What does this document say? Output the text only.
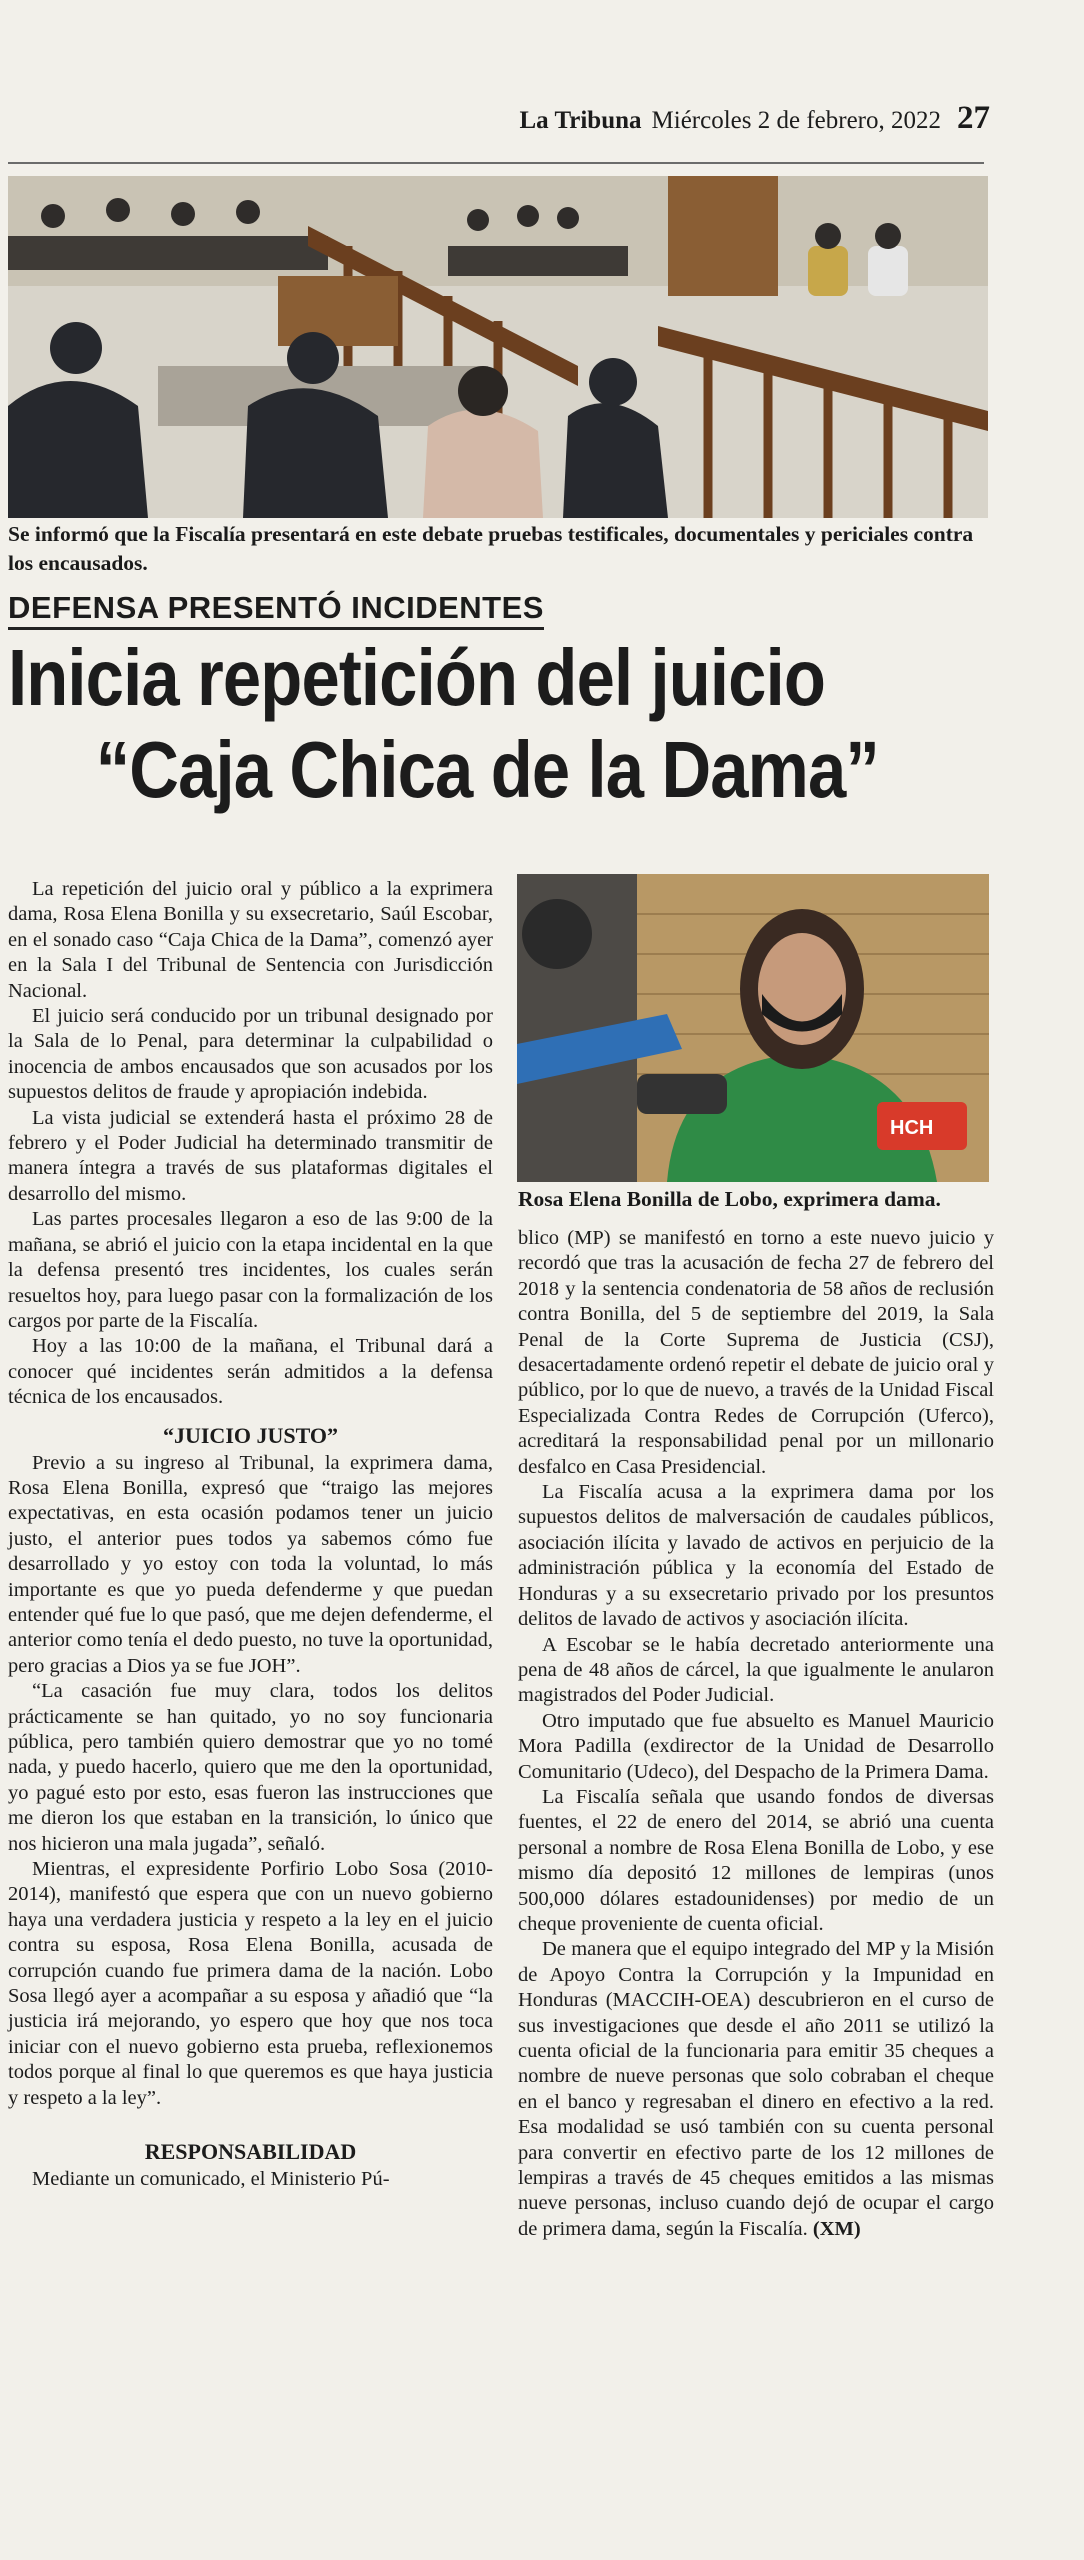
La Tribuna Miércoles 2 de febrero, 2022 27
Se informó que la Fiscalía presentará en este debate pruebas testificales, documentales y periciales contra los encausados.
DEFENSA PRESENTÓ INCIDENTES
Inicia repetición del juicio
“Caja Chica de la Dama”
HCH
Rosa Elena Bonilla de Lobo, exprimera dama.

La repetición del juicio oral y público a la exprimera dama, Rosa Elena Bonilla y su exsecretario, Saúl Escobar, en el sonado caso “Caja Chica de la Dama”, comenzó ayer en la Sala I del Tribunal de Sentencia con Jurisdicción Nacional.

El juicio será conducido por un tribunal designado por la Sala de lo Penal, para determinar la culpabilidad o inocencia de ambos encausados que son acusados por los supuestos delitos de fraude y apropiación indebida.

La vista judicial se extenderá hasta el próximo 28 de febrero y el Poder Judicial ha determinado transmitir de manera íntegra a través de sus plataformas digitales el desarrollo del mismo.

Las partes procesales llegaron a eso de las 9:00 de la mañana, se abrió el juicio con la etapa incidental en la que la defensa presentó tres incidentes, los cuales serán resueltos hoy, para luego pasar con la formalización de los cargos por parte de la Fiscalía.

Hoy a las 10:00 de la mañana, el Tribunal dará a conocer qué incidentes serán admitidos a la defensa técnica de los encausados.

“JUICIO JUSTO”

Previo a su ingreso al Tribunal, la exprimera dama, Rosa Elena Bonilla, expresó que “traigo las mejores expectativas, en esta ocasión podamos tener un juicio justo, el anterior pues todos ya sabemos cómo fue desarrollado y yo estoy con toda la voluntad, lo más importante es que yo pueda defenderme y que puedan entender qué fue lo que pasó, que me dejen defenderme, el anterior como tenía el dedo puesto, no tuve la oportunidad, pero gracias a Dios ya se fue JOH”.

“La casación fue muy clara, todos los delitos prácticamente se han quitado, yo no soy funcionaria pública, pero también quiero demostrar que yo no tomé nada, y puedo hacerlo, quiero que me den la oportunidad, yo pagué esto por esto, esas fueron las instrucciones que me dieron los que estaban en la transición, lo único que nos hicieron una mala jugada”, señaló.

Mientras, el expresidente Porfirio Lobo Sosa (2010-2014), manifestó que espera que con un nuevo gobierno haya una verdadera justicia y respeto a la ley en el juicio contra su esposa, Rosa Elena Bonilla, acusada de corrupción cuando fue primera dama de la nación. Lobo Sosa llegó ayer a acompañar a su esposa y añadió que “la justicia irá mejorando, yo espero que hoy que nos toca iniciar con el nuevo gobierno esta prueba, reflexionemos todos porque al final lo que queremos es que haya justicia y respeto a la ley”.

RESPONSABILIDAD

Mediante un comunicado, el Ministerio Pú-

blico (MP) se manifestó en torno a este nuevo juicio y recordó que tras la acusación de fecha 27 de febrero del 2018 y la sentencia condenatoria de 58 años de reclusión contra Bonilla, del 5 de septiembre del 2019, la Sala Penal de la Corte Suprema de Justicia (CSJ), desacertadamente ordenó repetir el debate de juicio oral y público, por lo que de nuevo, a través de la Unidad Fiscal Especializada Contra Redes de Corrupción (Uferco), acreditará la responsabilidad penal por un millonario desfalco en Casa Presidencial.

La Fiscalía acusa a la exprimera dama por los supuestos delitos de malversación de caudales públicos, asociación ilícita y lavado de activos en perjuicio de la administración pública y la economía del Estado de Honduras y a su exsecretario privado por los presuntos delitos de lavado de activos y asociación ilícita.

A Escobar se le había decretado anteriormente una pena de 48 años de cárcel, la que igualmente le anularon magistrados del Poder Judicial.

Otro imputado que fue absuelto es Manuel Mauricio Mora Padilla (exdirector de la Unidad de Desarrollo Comunitario (Udeco), del Despacho de la Primera Dama.

La Fiscalía señala que usando fondos de diversas fuentes, el 22 de enero del 2014, se abrió una cuenta personal a nombre de Rosa Elena Bonilla de Lobo, y ese mismo día depositó 12 millones de lempiras (unos 500,000 dólares estadounidenses) por medio de un cheque proveniente de cuenta oficial.

De manera que el equipo integrado del MP y la Misión de Apoyo Contra la Corrupción y la Impunidad en Honduras (MACCIH-OEA) descubrieron en el curso de sus investigaciones que desde el año 2011 se utilizó la cuenta oficial de la funcionaria para emitir 35 cheques a nombre de nueve personas que solo cobraban el cheque en el banco y regresaban el dinero en efectivo a la red. Esa modalidad se usó también con su cuenta personal para convertir en efectivo parte de los 12 millones de lempiras a través de 45 cheques emitidos a las mismas nueve personas, incluso cuando dejó de ocupar el cargo de primera dama, según la Fiscalía. (XM)
